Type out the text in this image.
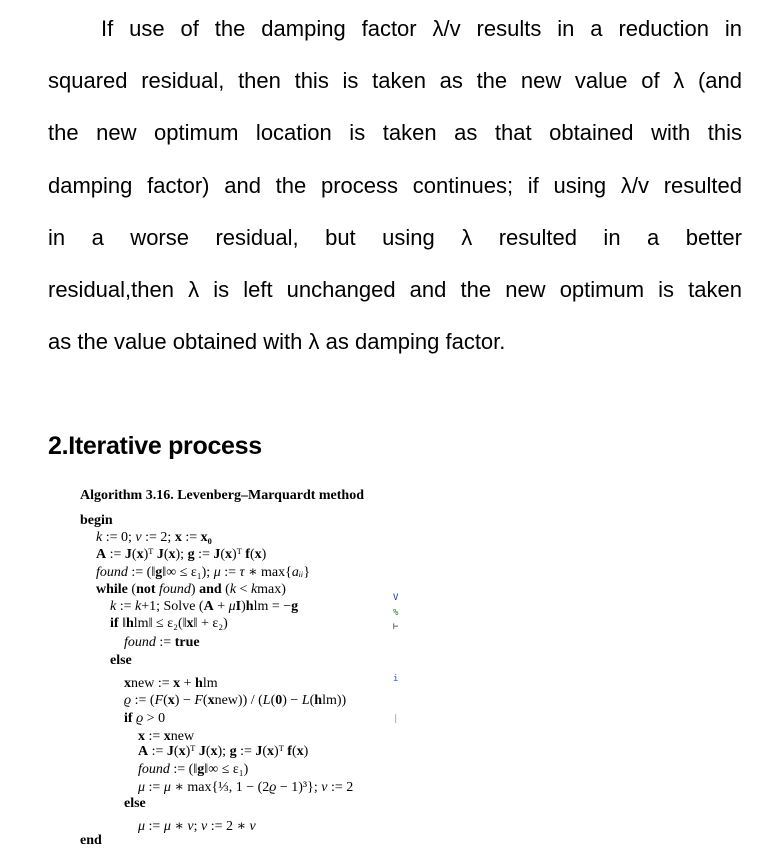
If use of the damping factor λ/v results in a reduction in
squared residual, then this is taken as the new value of λ (and
the new optimum location is taken as that obtained with this
damping factor) and the process continues; if using λ/v resulted
in a worse residual, but using λ resulted in a better
residual,then λ is left unchanged and the new optimum is taken
as the value obtained with λ as damping factor.
2.Iterative process
Algorithm 3.16. Levenberg–Marquardt method
begin
k := 0; ν := 2; x := x₀
A := J(x)ᵀ J(x); g := J(x)ᵀ f(x)
found := (‖g‖∞ ≤ ε₁); μ := τ ∗ max{aᵢᵢ}
while (not found) and (k < kmax)
k := k+1; Solve (A + μI)hlm = −g
if ‖hlm‖ ≤ ε₂(‖x‖ + ε₂)
found := true
else
xnew := x + hlm
ϱ := (F(x) − F(xnew)) / (L(0) − L(hlm))
if ϱ > 0
x := xnew
A := J(x)ᵀ J(x); g := J(x)ᵀ f(x)
found := (‖g‖∞ ≤ ε₁)
μ := μ ∗ max{⅓, 1 − (2ϱ − 1)³}; ν := 2
else
μ := μ ∗ ν; ν := 2 ∗ ν
end
V
%
⊢
i
|
